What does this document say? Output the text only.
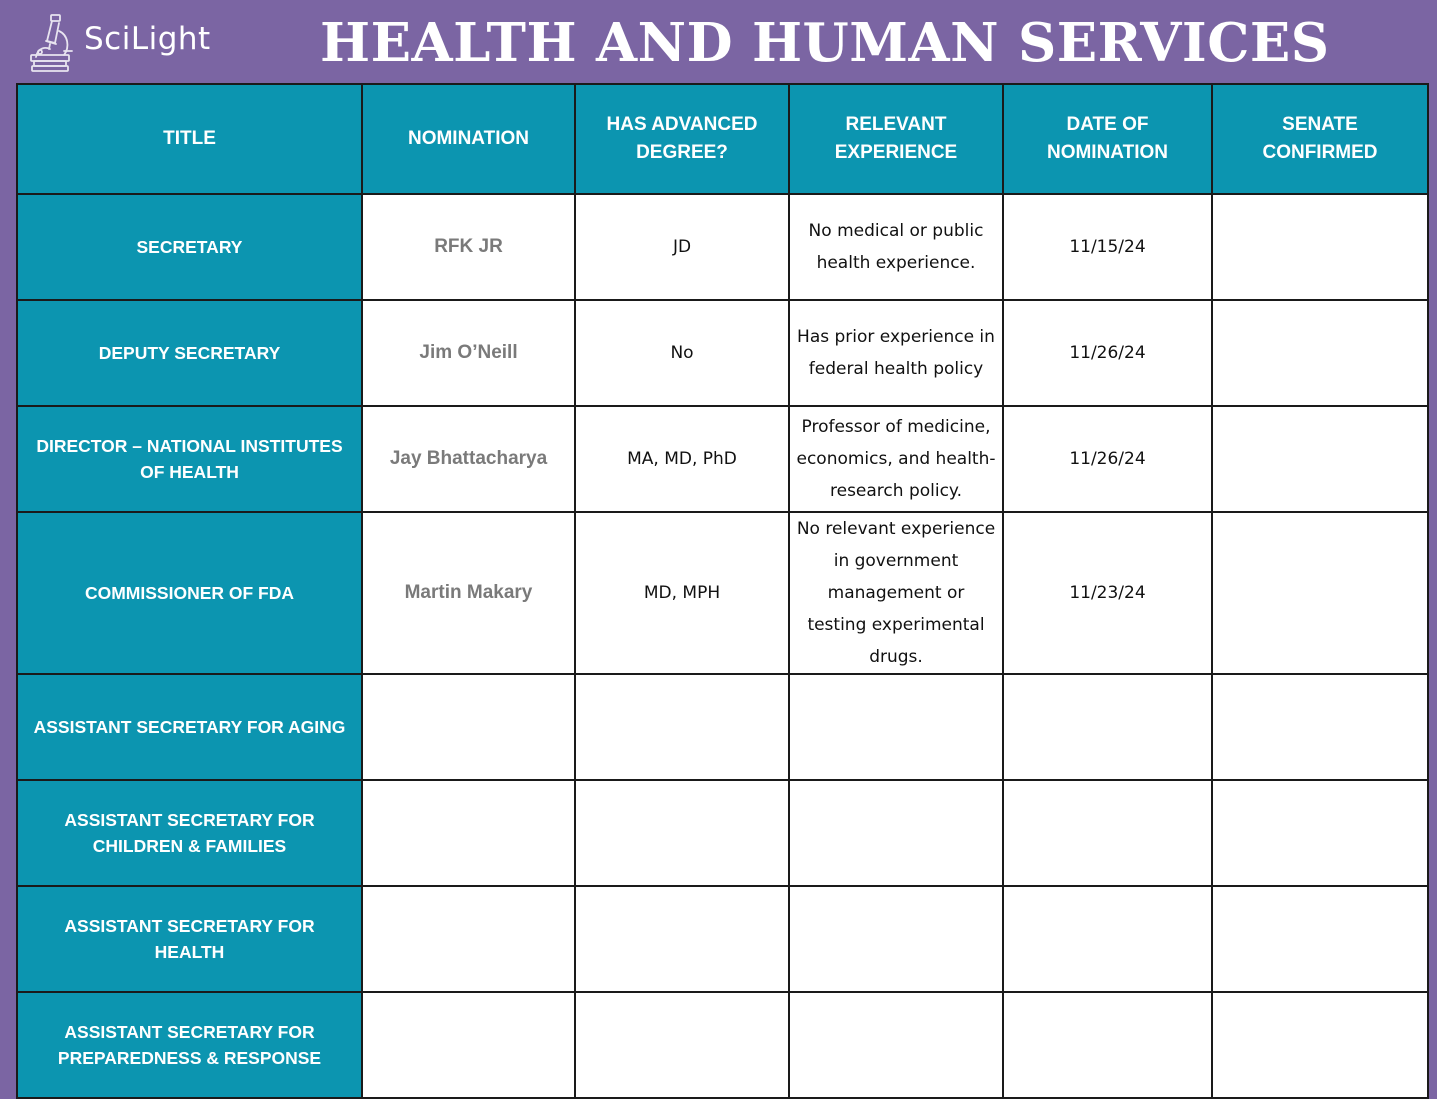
SciLight HEALTH AND HUMAN SERVICES
TITLE	NOMINATION	HAS ADVANCED DEGREE?	RELEVANT EXPERIENCE	DATE OF NOMINATION	SENATE CONFIRMED
SECRETARY	RFK JR	JD	No medical or public health experience.	11/15/24	
DEPUTY SECRETARY	Jim O’Neill	No	Has prior experience in federal health policy	11/26/24	
DIRECTOR – NATIONAL INSTITUTES OF HEALTH	Jay Bhattacharya	MA, MD, PhD	Professor of medicine, economics, and health-research policy.	11/26/24	
COMMISSIONER OF FDA	Martin Makary	MD, MPH	No relevant experience in government management or testing experimental drugs.	11/23/24	
ASSISTANT SECRETARY FOR AGING					
ASSISTANT SECRETARY FOR CHILDREN & FAMILIES					
ASSISTANT SECRETARY FOR HEALTH					
ASSISTANT SECRETARY FOR PREPAREDNESS & RESPONSE					
